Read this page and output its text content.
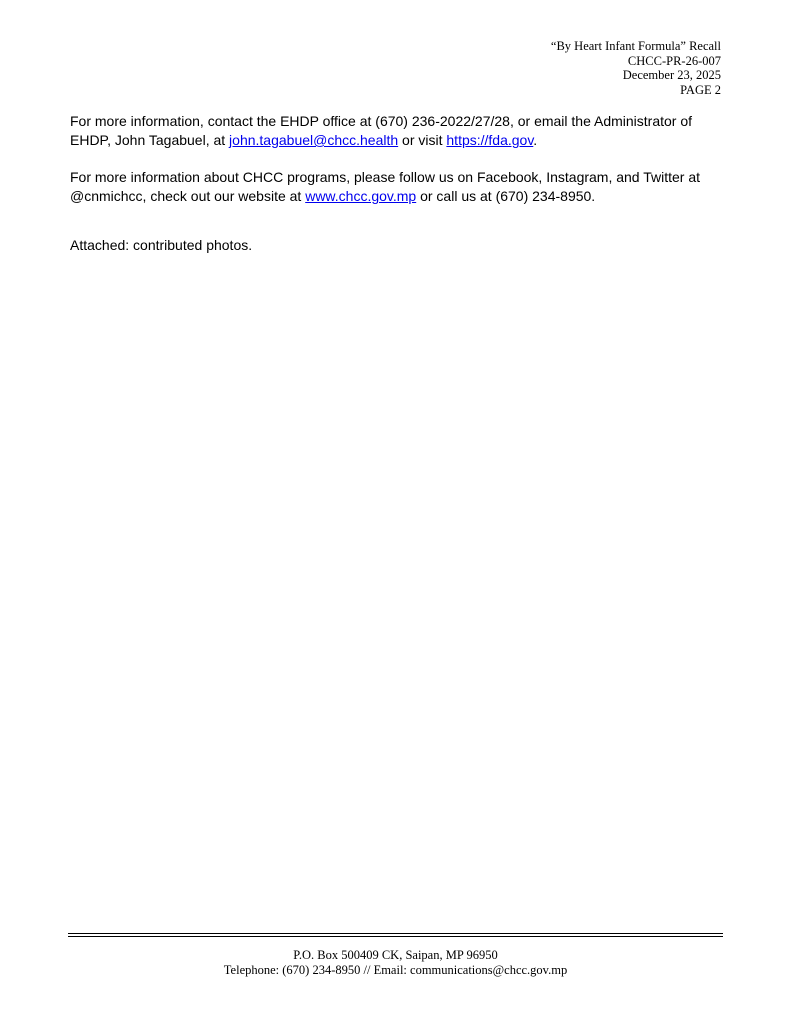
“By Heart Infant Formula” Recall
CHCC-PR-26-007
December 23, 2025
PAGE 2

For more information, contact the EHDP office at (670) 236-2022/27/28, or email the Administrator of EHDP, John Tagabuel, at john.tagabuel@chcc.health or visit https://fda.gov.

For more information about CHCC programs, please follow us on Facebook, Instagram, and Twitter at @cnmichcc, check out our website at www.chcc.gov.mp or call us at (670) 234-8950.

Attached: contributed photos.

P.O. Box 500409 CK, Saipan, MP 96950
Telephone: (670) 234-8950 // Email: communications@chcc.gov.mp
